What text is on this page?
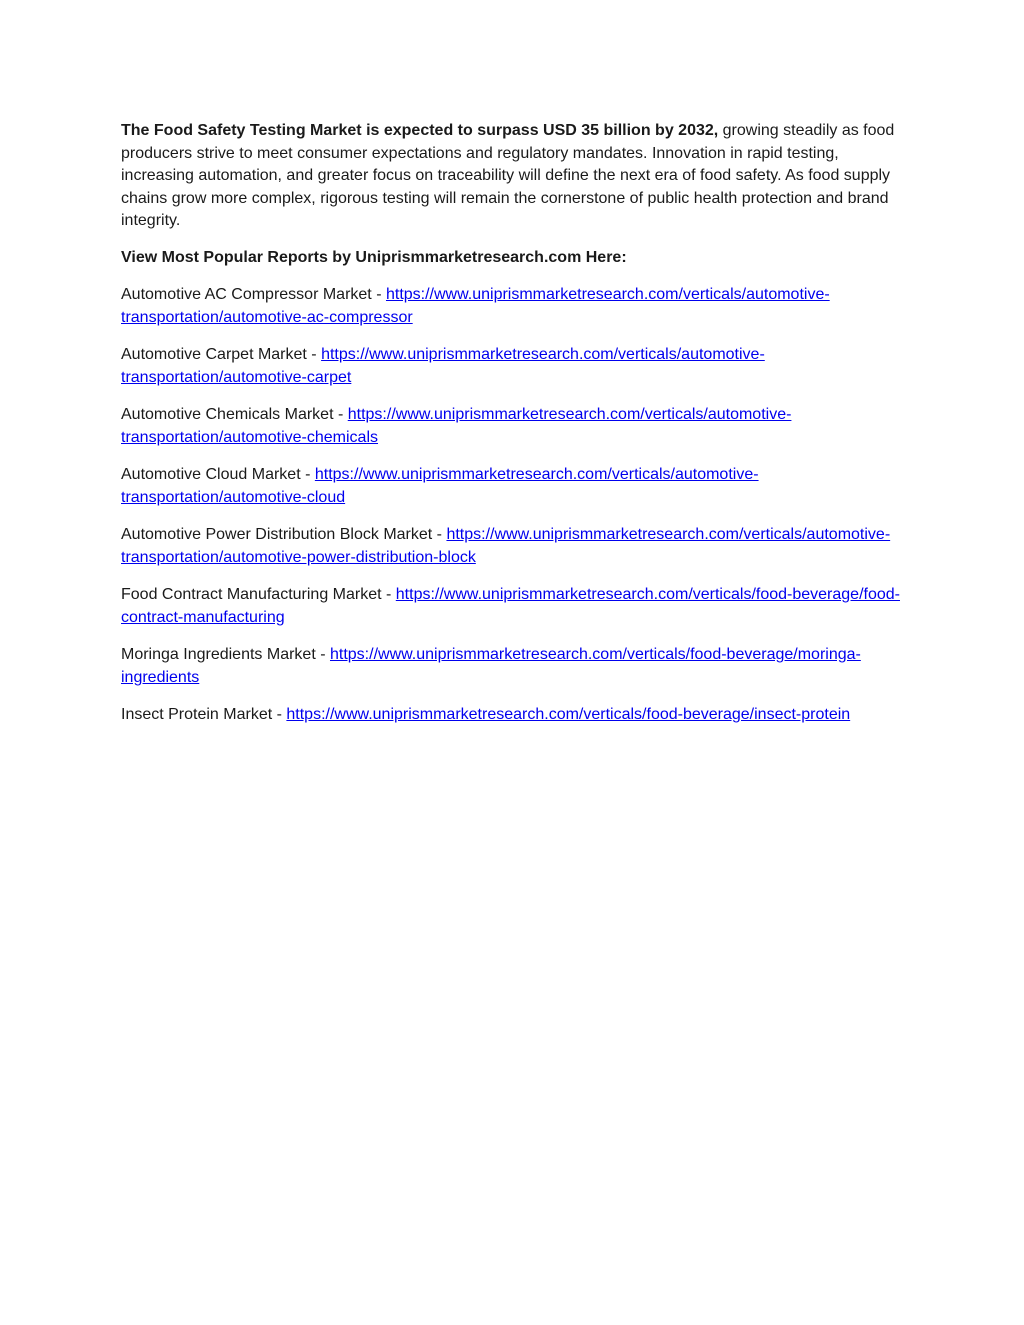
The Food Safety Testing Market is expected to surpass USD 35 billion by 2032, growing steadily as food producers strive to meet consumer expectations and regulatory mandates. Innovation in rapid testing, increasing automation, and greater focus on traceability will define the next era of food safety. As food supply chains grow more complex, rigorous testing will remain the cornerstone of public health protection and brand integrity.

View Most Popular Reports by Uniprismmarketresearch.com Here:

Automotive AC Compressor Market - https://www.uniprismmarketresearch.com/verticals/automotive-transportation/automotive-ac-compressor

Automotive Carpet Market - https://www.uniprismmarketresearch.com/verticals/automotive-transportation/automotive-carpet

Automotive Chemicals Market - https://www.uniprismmarketresearch.com/verticals/automotive-transportation/automotive-chemicals

Automotive Cloud Market - https://www.uniprismmarketresearch.com/verticals/automotive-transportation/automotive-cloud

Automotive Power Distribution Block Market - https://www.uniprismmarketresearch.com/verticals/automotive-transportation/automotive-power-distribution-block

Food Contract Manufacturing Market - https://www.uniprismmarketresearch.com/verticals/food-beverage/food-contract-manufacturing

Moringa Ingredients Market - https://www.uniprismmarketresearch.com/verticals/food-beverage/moringa-ingredients

Insect Protein Market - https://www.uniprismmarketresearch.com/verticals/food-beverage/insect-protein
